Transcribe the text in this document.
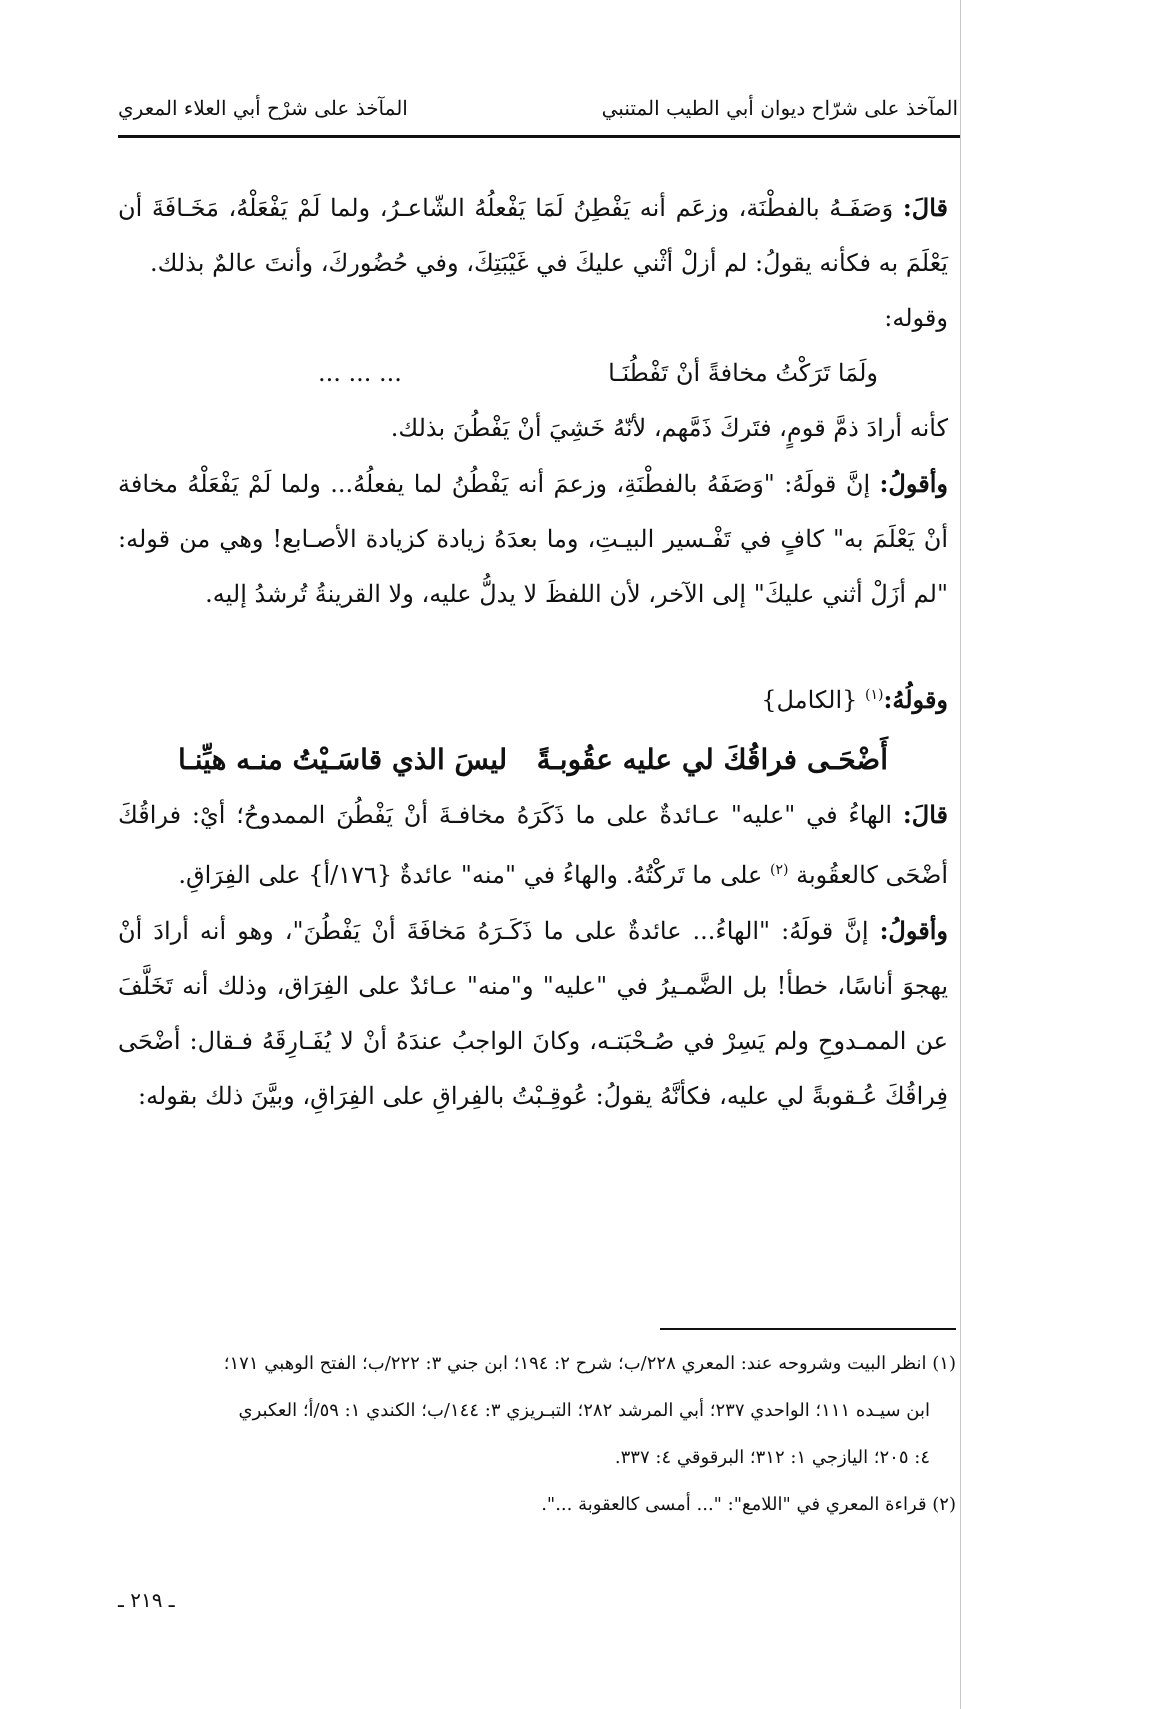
المآخذ على شرّاح ديوان أبي الطيب المتنبي
المآخذ على شرْح أبي العلاء المعري

قالَ: وَصَفَـهُ بالفطْنَة، وزعَم أنه يَفْطِنُ لَمَا يَفْعلُهُ الشّاعـرُ، ولما لَمْ يَفْعَلْهُ، مَخَـافَةَ أن يَعْلَمَ به فكأنه يقولُ: لم أزلْ أثْني عليكَ في غَيْبَتِكَ، وفي حُضُوركَ، وأنتَ عالمٌ بذلك.

وقوله:

ولَمَا تَرَكْتُ مخافةً أنْ تَفْطُنَـا
... ... ...

كأنه أرادَ ذمَّ قومٍ، فتَركَ ذَمَّهم، لأنّهُ خَشِيَ أنْ يَفْطُنَ بذلك.

وأقولُ: إنَّ قولَهُ: "وَصَفَهُ بالفطْنَةِ، وزعمَ أنه يَفْطُنُ لما يفعلُهُ... ولما لَمْ يَفْعَلْهُ مخافة أنْ يَعْلَمَ به" كافٍ في تَفْـسير البيـتِ، وما بعدَهُ زيادة كزيادة الأصـابع! وهي من قوله: "لم أزَلْ أثني عليكَ" إلى الآخر، لأن اللفظَ لا يدلُّ عليه، ولا القرينةُ تُرشدُ إليه.

وقولُهُ:$^{(١)}$ {الكامل}

أَضْحَـى فراقُكَ لي عليه عقُوبـةً
ليسَ الذي قاسَـيْتُ منـه هيِّنـا

قالَ: الهاءُ في "عليه" عـائدةٌ على ما ذَكَرَهُ مخافـةَ أنْ يَفْطُنَ الممدوحُ؛ أيْ: فراقُكَ أضْحَى كالعقُوبة $^{(٢)}$ على ما تَركْتُهُ. والهاءُ في "منه" عائدةٌ {١٧٦/أ} على الفِرَاقِ.

وأقولُ: إنَّ قولَهُ: "الهاءُ... عائدةٌ على ما ذَكَـرَهُ مَخافَةَ أنْ يَفْطُنَ"، وهو أنه أرادَ أنْ يهجوَ أناسًا، خطأ! بل الضَّمـيرُ في "عليه" و"منه" عـائدٌ على الفِرَاق، وذلك أنه تَخَلَّفَ عن الممـدوحِ ولم يَسِرْ في صُـحْبَتـه، وكانَ الواجبُ عندَهُ أنْ لا يُفَـارِقَهُ فـقال: أضْحَى فِراقُكَ عُـقوبةً لي عليه، فكأنَّهُ يقولُ: عُوقِـبْتُ بالفِراقِ على الفِرَاقِ، وبيَّنَ ذلك بقوله:

(١) انظر البيت وشروحه عند: المعري ٢٢٨/ب؛ شرح ٢: ١٩٤؛ ابن جني ٣: ٢٢٢/ب؛ الفتح الوهبي ١٧١؛
ابن سيـده ١١١؛ الواحدي ٢٣٧؛ أبي المرشد ٢٨٢؛ التبـريزي ٣: ١٤٤/ب؛ الكندي ١: ٥٩/أ؛ العكبري
٤: ٢٠٥؛ اليازجي ١: ٣١٢؛ البرقوقي ٤: ٣٣٧.
(٢) قراءة المعري في "اللامع": "... أمسى كالعقوبة ...".
ـ ٢١٩ ـ
